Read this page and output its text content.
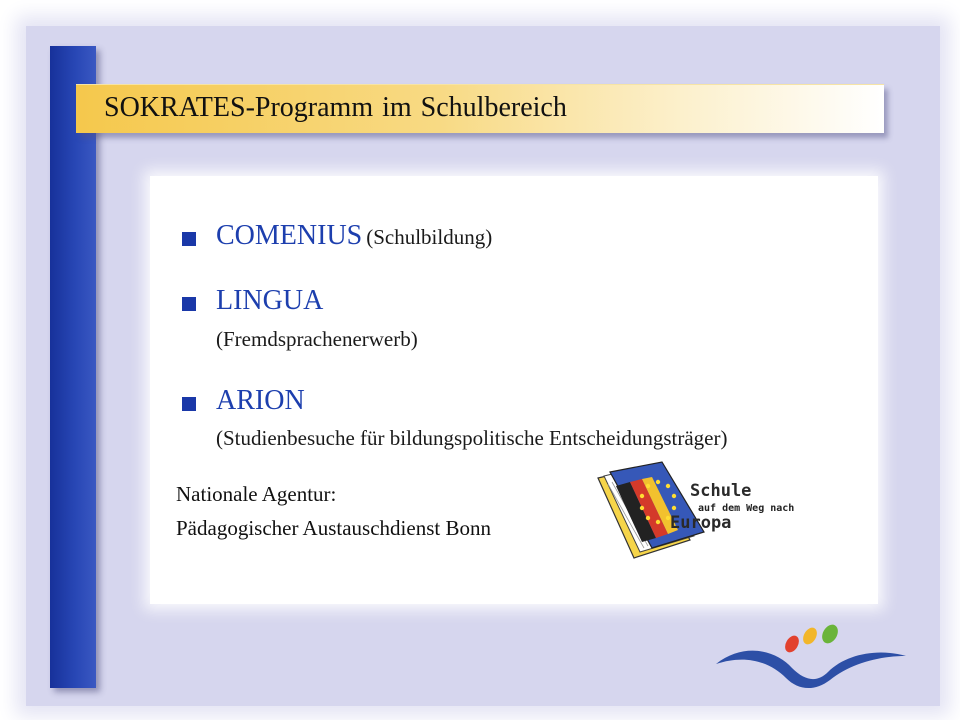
SOKRATES-Programm im Schulbereich
COMENIUS (Schulbildung)
LINGUA
(Fremdsprachenerwerb)
ARION
(Studienbesuche für bildungspolitische Entscheidungsträger)
Nationale Agentur:
Pädagogischer Austauschdienst Bonn
Schule
auf dem Weg nach
Europa
